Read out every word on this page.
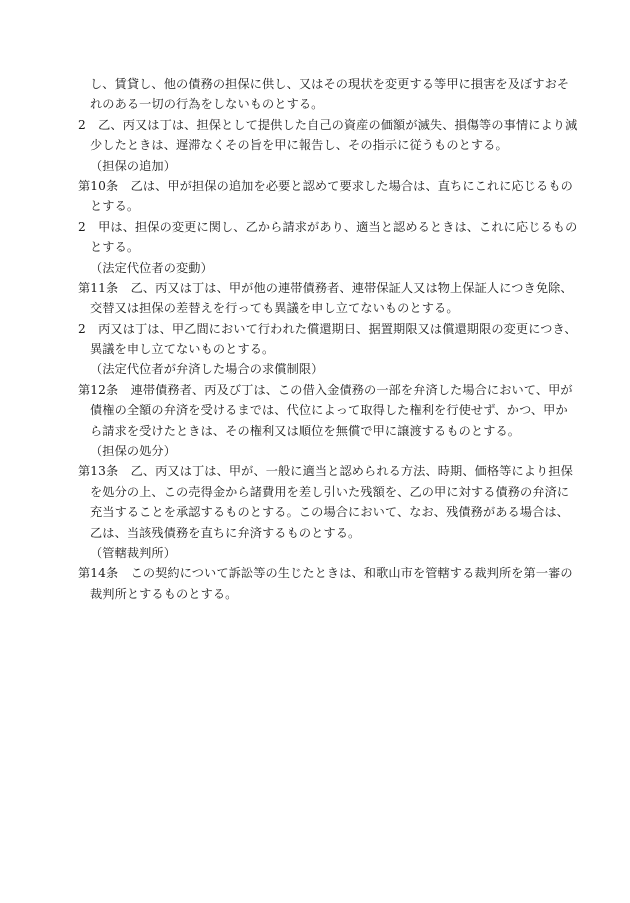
し、賃貸し、他の債務の担保に供し、又はその現状を変更する等甲に損害を及ぼすおそ
れのある一切の行為をしないものとする。
2　乙、丙又は丁は、担保として提供した自己の資産の価額が滅失、損傷等の事情により減
少したときは、遅滞なくその旨を甲に報告し、その指示に従うものとする。
（担保の追加）
第10条　乙は、甲が担保の追加を必要と認めて要求した場合は、直ちにこれに応じるもの
とする。
2　甲は、担保の変更に関し、乙から請求があり、適当と認めるときは、これに応じるもの
とする。
（法定代位者の変動）
第11条　乙、丙又は丁は、甲が他の連帯債務者、連帯保証人又は物上保証人につき免除、
交替又は担保の差替えを行っても異議を申し立てないものとする。
2　丙又は丁は、甲乙間において行われた償還期日、据置期限又は償還期限の変更につき、
異議を申し立てないものとする。
（法定代位者が弁済した場合の求償制限）
第12条　連帯債務者、丙及び丁は、この借入金債務の一部を弁済した場合において、甲が
債権の全額の弁済を受けるまでは、代位によって取得した権利を行使せず、かつ、甲か
ら請求を受けたときは、その権利又は順位を無償で甲に譲渡するものとする。
（担保の処分）
第13条　乙、丙又は丁は、甲が、一般に適当と認められる方法、時期、価格等により担保
を処分の上、この売得金から諸費用を差し引いた残額を、乙の甲に対する債務の弁済に
充当することを承認するものとする。この場合において、なお、残債務がある場合は、
乙は、当該残債務を直ちに弁済するものとする。
（管轄裁判所）
第14条　この契約について訴訟等の生じたときは、和歌山市を管轄する裁判所を第一審の
裁判所とするものとする。
